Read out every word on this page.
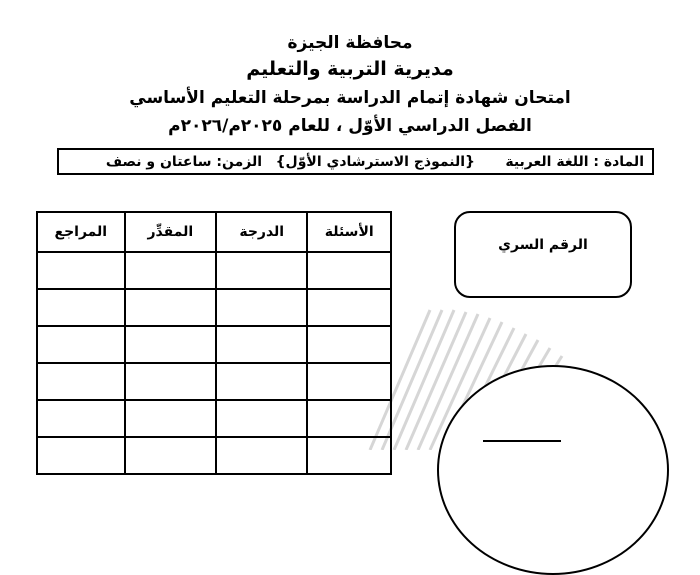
محافظة الجيزة
مديرية التربية والتعليم
امتحان شهادة إتمام الدراسة بمرحلة التعليم الأساسي
الفصل الدراسي الأوّل ، للعام ٢٠٢٥م/٢٠٢٦م
المادة : اللغة العربية
{النموذج الاسترشادي الأوّل}
الزمن: ساعتان و نصف
الأسئلة	الدرجة	المقدِّر	المراجع

الرقم السري
